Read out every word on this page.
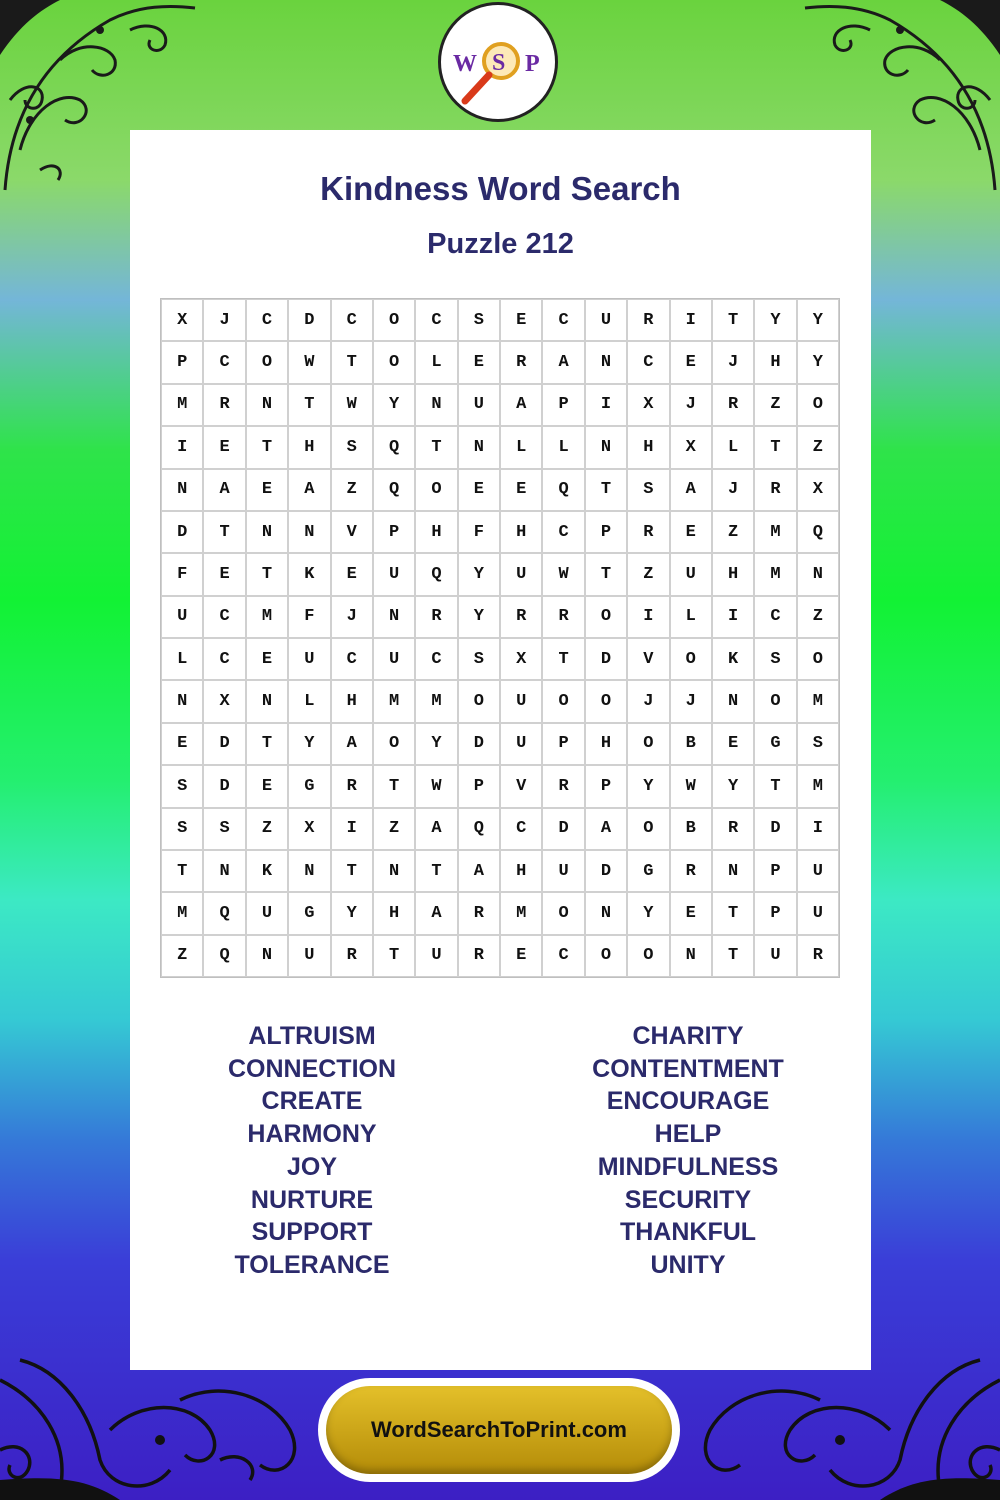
W S P
Kindness Word Search
Puzzle 212
X	J	C	D	C	O	C	S	E	C	U	R	I	T	Y	Y
P	C	O	W	T	O	L	E	R	A	N	C	E	J	H	Y
M	R	N	T	W	Y	N	U	A	P	I	X	J	R	Z	O
I	E	T	H	S	Q	T	N	L	L	N	H	X	L	T	Z
N	A	E	A	Z	Q	O	E	E	Q	T	S	A	J	R	X
D	T	N	N	V	P	H	F	H	C	P	R	E	Z	M	Q
F	E	T	K	E	U	Q	Y	U	W	T	Z	U	H	M	N
U	C	M	F	J	N	R	Y	R	R	O	I	L	I	C	Z
L	C	E	U	C	U	C	S	X	T	D	V	O	K	S	O
N	X	N	L	H	M	M	O	U	O	O	J	J	N	O	M
E	D	T	Y	A	O	Y	D	U	P	H	O	B	E	G	S
S	D	E	G	R	T	W	P	V	R	P	Y	W	Y	T	M
S	S	Z	X	I	Z	A	Q	C	D	A	O	B	R	D	I
T	N	K	N	T	N	T	A	H	U	D	G	R	N	P	U
M	Q	U	G	Y	H	A	R	M	O	N	Y	E	T	P	U
Z	Q	N	U	R	T	U	R	E	C	O	O	N	T	U	R
ALTRUISM
CONNECTION
CREATE
HARMONY
JOY
NURTURE
SUPPORT
TOLERANCE
CHARITY
CONTENTMENT
ENCOURAGE
HELP
MINDFULNESS
SECURITY
THANKFUL
UNITY
WordSearchToPrint.com
